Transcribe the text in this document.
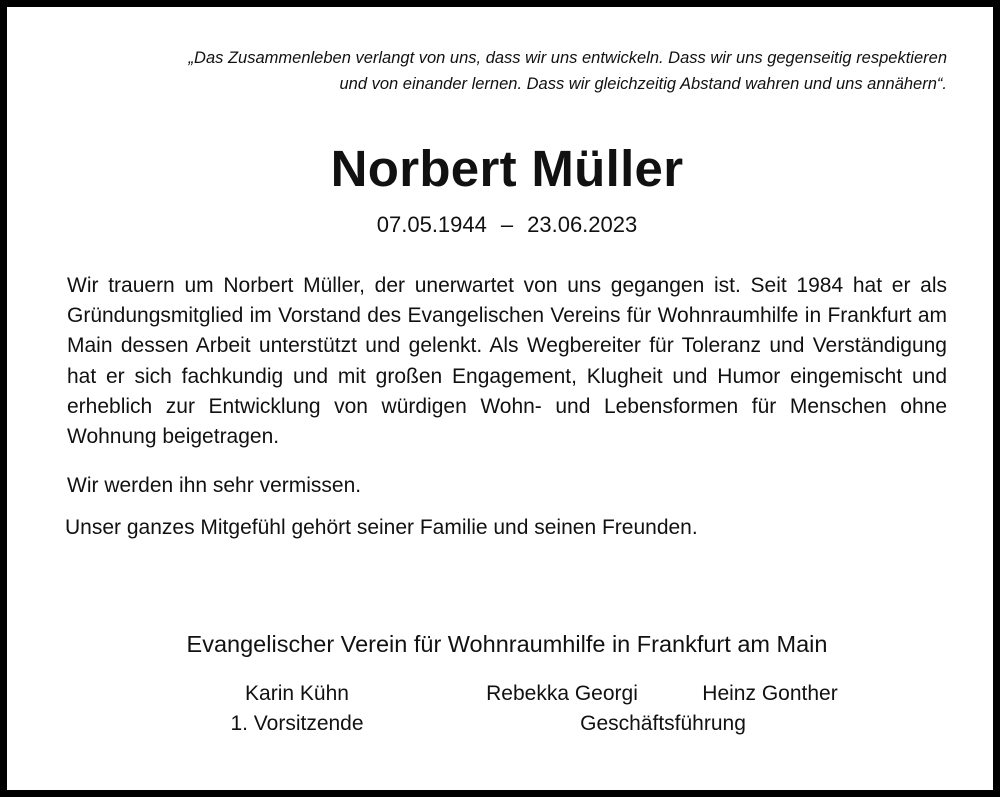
„Das Zusammenleben verlangt von uns, dass wir uns entwickeln. Dass wir uns gegenseitig respektieren
und von einander lernen. Dass wir gleichzeitig Abstand wahren und uns annähern“.
Norbert Müller
07.05.1944 – 23.06.2023
Wir trauern um Norbert Müller, der unerwartet von uns gegangen ist. Seit 1984 hat er als Gründungsmitglied im Vorstand des Evangelischen Vereins für Wohnraumhilfe in Frankfurt am Main dessen Arbeit unterstützt und gelenkt. Als Wegbereiter für Toleranz und Verständigung hat er sich fachkundig und mit großen Engagement, Klugheit und Humor eingemischt und erheblich zur Entwicklung von würdigen Wohn- und Lebensformen für Menschen ohne Wohnung beigetragen.
Wir werden ihn sehr vermissen.
Unser ganzes Mitgefühl gehört seiner Familie und seinen Freunden.
Evangelischer Verein für Wohnraumhilfe in Frankfurt am Main
Karin Kühn
1. Vorsitzende
Rebekka Georgi	Heinz Gonther
Geschäftsführung
